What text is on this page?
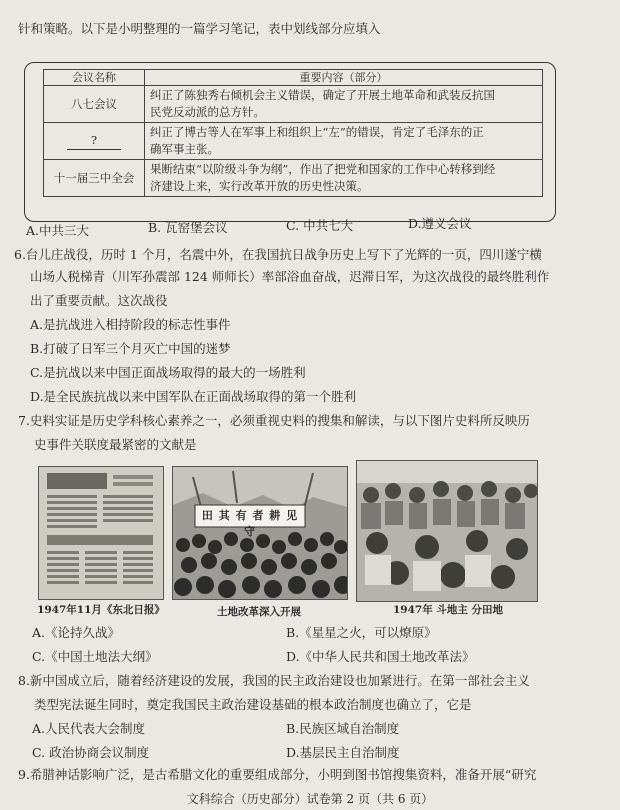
针和策略。以下是小明整理的一篇学习笔记，表中划线部分应填入
会议名称	重要内容（部分）
八七会议	纠正了陈独秀右倾机会主义错误，确定了开展土地革命和武装反抗国
民党反动派的总方针。

?	纠正了博古等人在军事上和组织上“左”的错误，肯定了毛泽东的正
确军事主张。

十一届三中全会	果断结束“以阶级斗争为纲”，作出了把党和国家的工作中心转移到经
济建设上来，实行改革开放的历史性决策。
A.中共三大	B. 瓦窑堡会议	C. 中共七大	D.遵义会议
6.台儿庄战役，历时 1 个月，名震中外，在我国抗日战争历史上写下了光辉的一页，四川遂宁横
山场人税梯青（川军孙震部 124 师师长）率部浴血奋战，迟滞日军，为这次战役的最终胜利作
出了重要贡献。这次战役
A.是抗战进入相持阶段的标志性事件
B.打破了日军三个月灭亡中国的迷梦
C.是抗战以来中国正面战场取得的最大的一场胜利
D.是全民族抗战以来中国军队在正面战场取得的第一个胜利
7.史料实证是历史学科核心素养之一，必须重视史料的搜集和解读，与以下图片史料所反映历
史事件关联度最紧密的文献是
田 其 有 者 耕 见 守
1947年11月《东北日报》	土地改革深入开展	1947年 斗地主 分田地
A.《论持久战》	B.《星星之火，可以燎原》
C.《中国土地法大纲》	D.《中华人民共和国土地改革法》
8.新中国成立后，随着经济建设的发展，我国的民主政治建设也加紧进行。在第一部社会主义
类型宪法诞生同时，奠定我国民主政治建设基础的根本政治制度也确立了，它是
A.人民代表大会制度	B.民族区域自治制度
C. 政治协商会议制度	D.基层民主自治制度
9.希腊神话影响广泛，是古希腊文化的重要组成部分，小明到图书馆搜集资料，准备开展“研究
文科综合（历史部分）试卷第 2 页（共 6 页）
